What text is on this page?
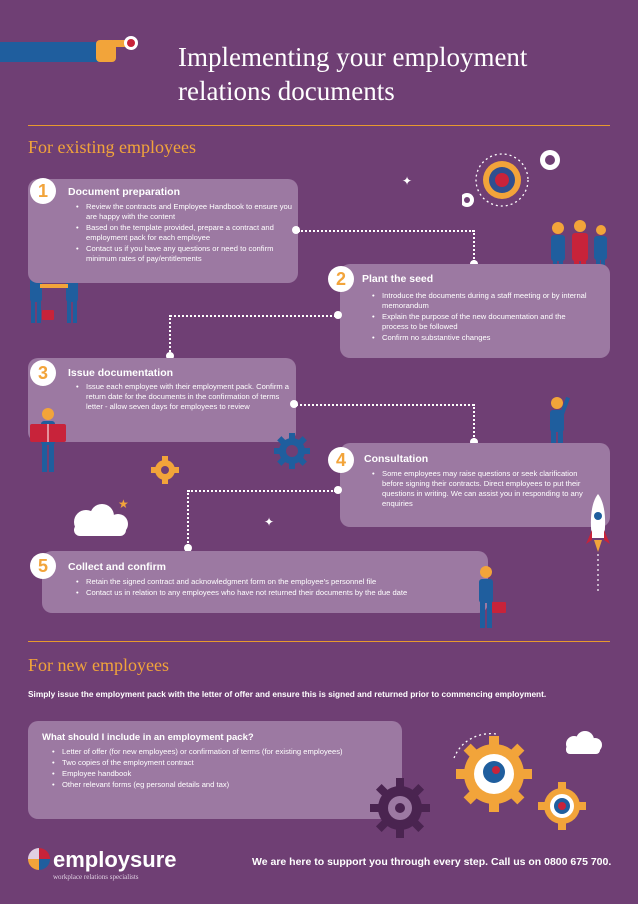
Implementing your employment
relations documents
For existing employees
✦
1	Document preparation
• Review the contracts and Employee Handbook to ensure you are happy with the content
• Based on the template provided, prepare a contract and employment pack for each employee
• Contact us if you have any questions or need to confirm minimum rates of pay/entitlements
2	Plant the seed
• Introduce the documents during a staff meeting or by internal memorandum
• Explain the purpose of the new documentation and the process to be followed
• Confirm no substantive changes
3	Issue documentation
• Issue each employee with their employment pack. Confirm a return date for the documents in the confirmation of terms letter - allow seven days for employees to review
4	Consultation
• Some employees may raise questions or seek clarification before signing their contracts. Direct employees to put their questions in writing. We can assist you in responding to any enquiries
★
✦
5	Collect and confirm
• Retain the signed contract and acknowledgment form on the employee's personnel file
• Contact us in relation to any employees who have not returned their documents by the due date
For new employees
Simply issue the employment pack with the letter of offer and ensure this is signed and returned prior to commencing employment.
What should I include in an employment pack?
• Letter of offer (for new employees) or confirmation of terms (for existing employees)
• Two copies of the employment contract
• Employee handbook
• Other relevant forms (eg personal details and tax)
employsure
workplace relations specialists
We are here to support you through every step. Call us on 0800 675 700.
